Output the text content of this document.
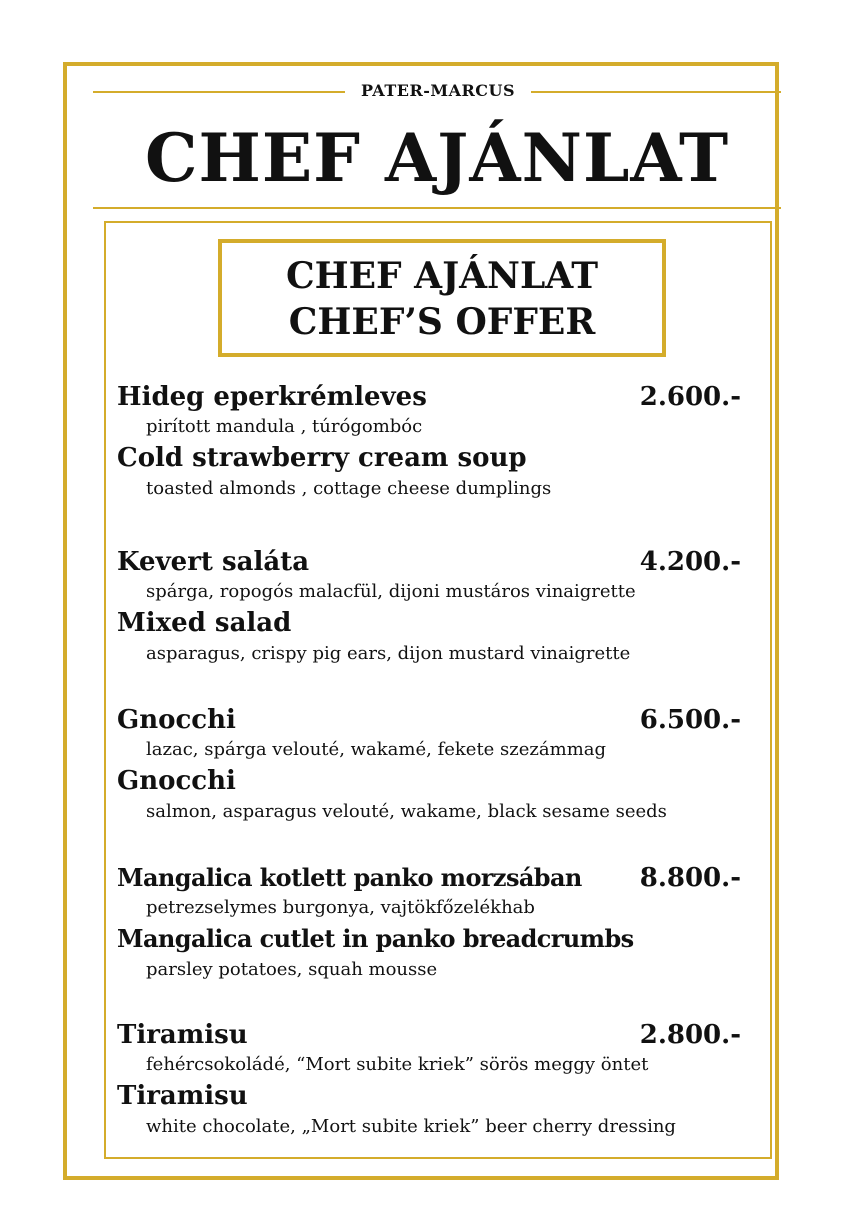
PATER-MARCUS
CHEF AJÁNLAT
CHEF AJÁNLAT
CHEF’S OFFER
Hideg eperkrémleves	2.600.-
pirított mandula , túrógombóc
Cold strawberry cream soup
toasted almonds , cottage cheese dumplings
Kevert saláta	4.200.-
spárga, ropogós malacfül, dijoni mustáros vinaigrette
Mixed salad
asparagus, crispy pig ears, dijon mustard vinaigrette
Gnocchi	6.500.-
lazac, spárga velouté, wakamé, fekete szezámmag
Gnocchi
salmon, asparagus velouté, wakame, black sesame seeds
Mangalica kotlett panko morzsában 8.800.-
petrezselymes burgonya, vajtökfőzelékhab
Mangalica cutlet in panko breadcrumbs
parsley potatoes, squah mousse
Tiramisu	2.800.-
fehércsokoládé, “Mort subite kriek” sörös meggy öntet
Tiramisu
white chocolate, „Mort subite kriek” beer cherry dressing
